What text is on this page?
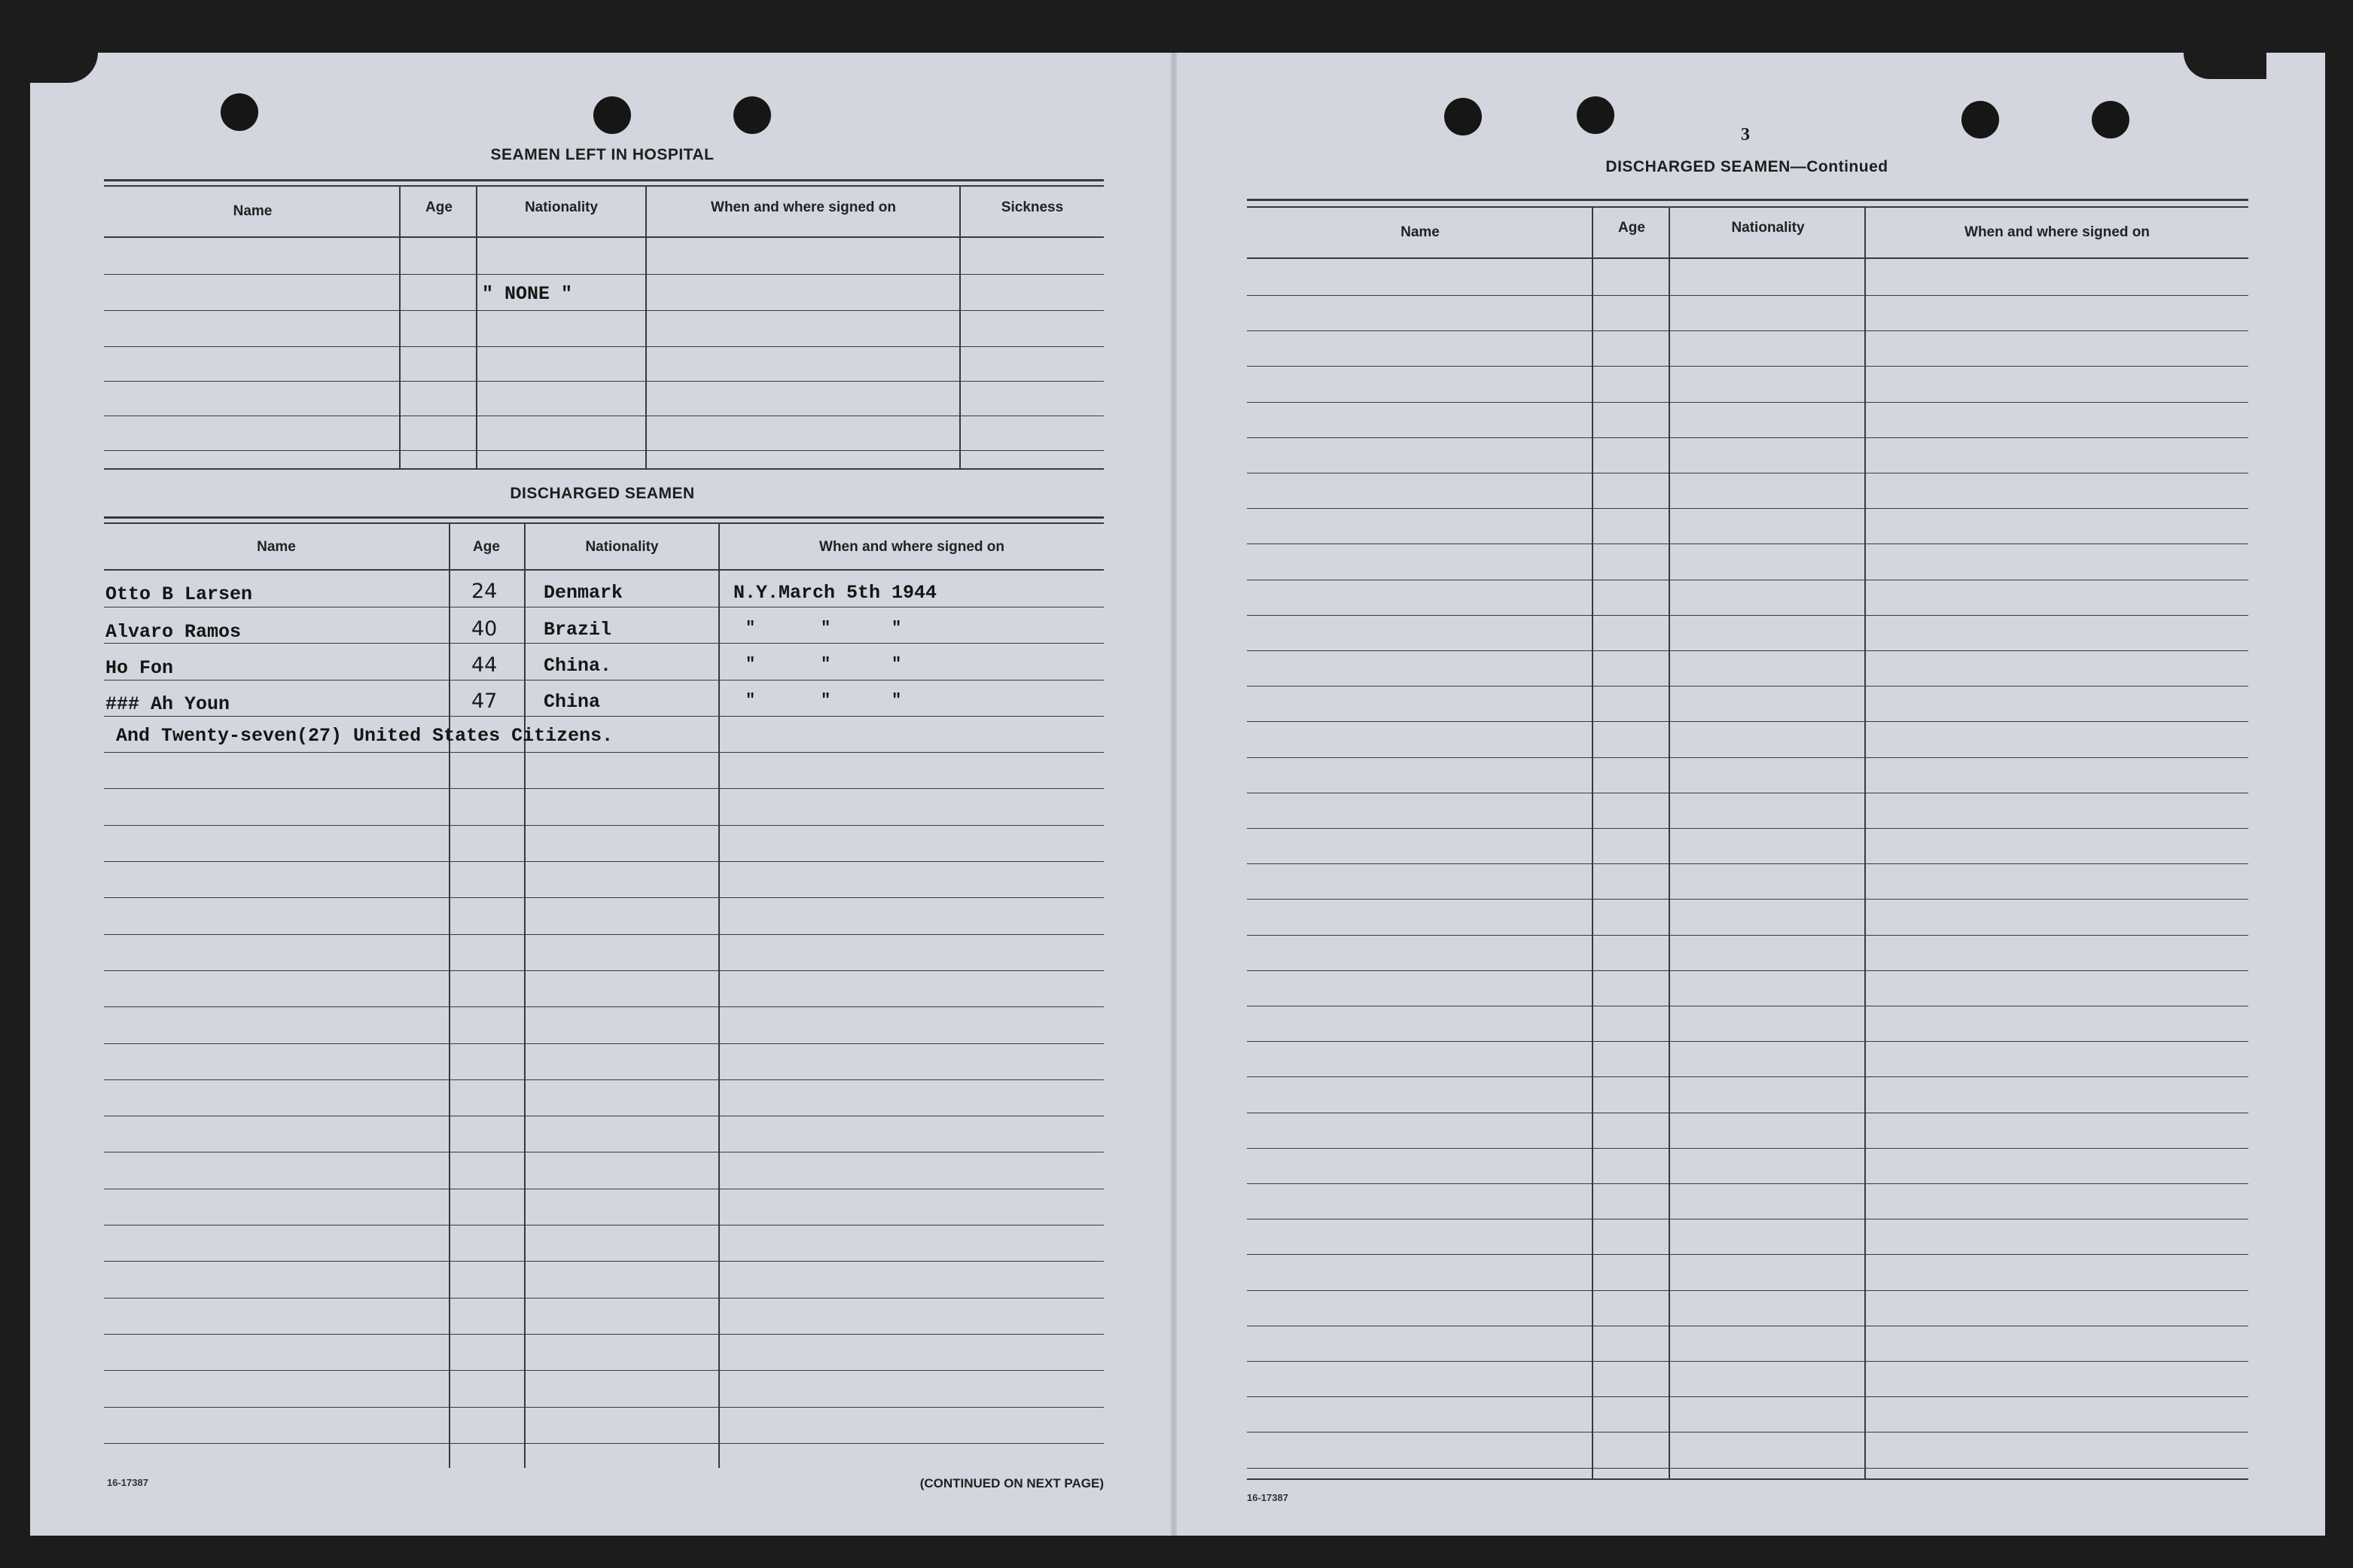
SEAMEN LEFT IN HOSPITAL
Name	Age	Nationality	When and where signed on	Sickness
" NONE "
DISCHARGED SEAMEN
Name	Age	Nationality	When and where signed on
Otto B Larsen	24 Denmark	N.Y.March 5th 1944
Alvaro Ramos	40 Brazil	"	"	"
Ho Fon	44 China.	"	"	"
### Ah Youn	47 China	"	"	"
And Twenty-seven(27) United States Citizens.
16-17387	(CONTINUED ON NEXT PAGE)
3
DISCHARGED SEAMEN—Continued
Name	Age	Nationality	When and where signed on
16-17387
